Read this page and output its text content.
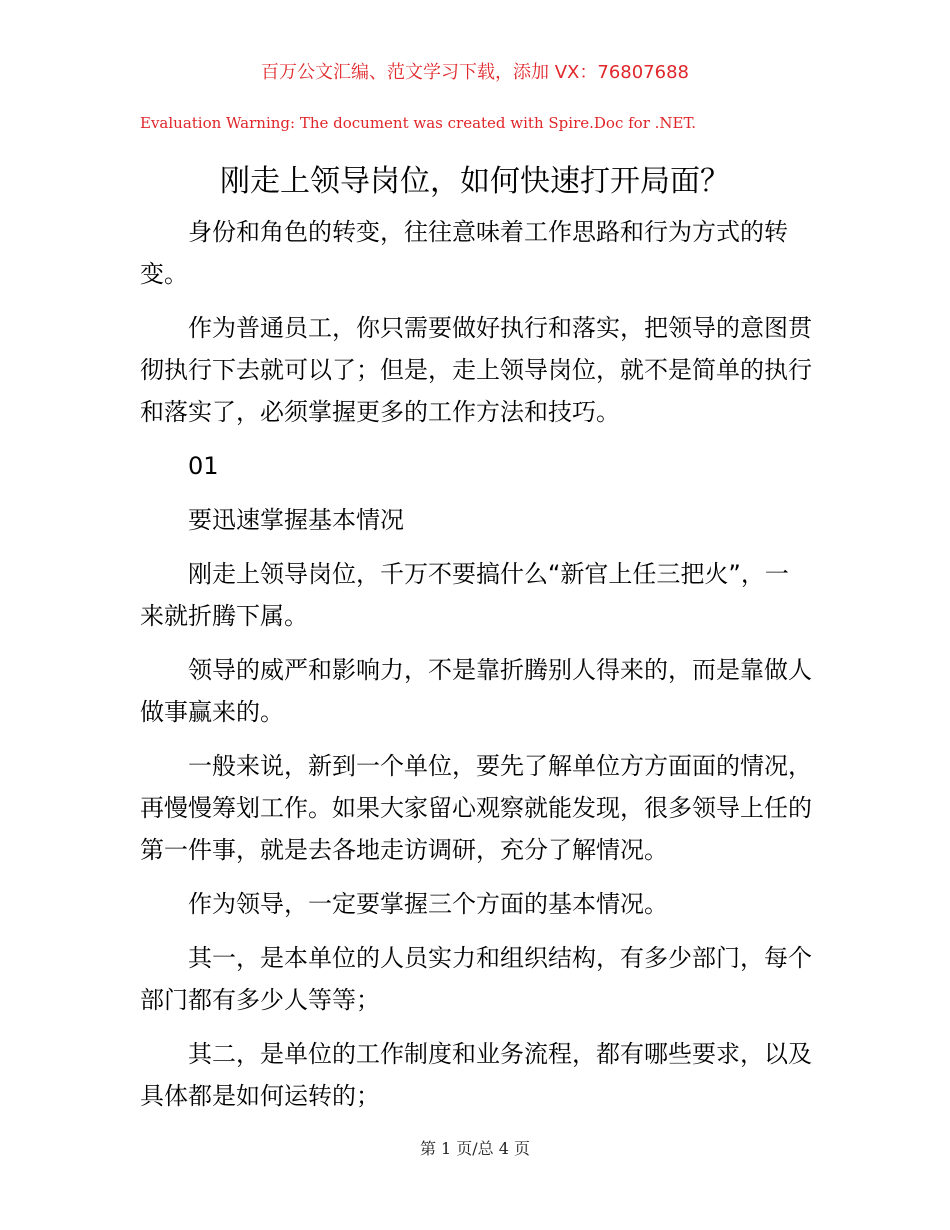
百万公文汇编、范文学习下载，添加 VX：76807688
Evaluation Warning: The document was created with Spire.Doc for .NET.
刚走上领导岗位，如何快速打开局面？

身份和角色的转变，往往意味着工作思路和行为方式的转变。

作为普通员工，你只需要做好执行和落实，把领导的意图贯彻执行下去就可以了；但是，走上领导岗位，就不是简单的执行和落实了，必须掌握更多的工作方法和技巧。

01

要迅速掌握基本情况

刚走上领导岗位，千万不要搞什么“新官上任三把火”，一来就折腾下属。

领导的威严和影响力，不是靠折腾别人得来的，而是靠做人做事赢来的。

一般来说，新到一个单位，要先了解单位方方面面的情况，再慢慢筹划工作。如果大家留心观察就能发现，很多领导上任的第一件事，就是去各地走访调研，充分了解情况。

作为领导，一定要掌握三个方面的基本情况。

其一，是本单位的人员实力和组织结构，有多少部门，每个部门都有多少人等等；

其二，是单位的工作制度和业务流程，都有哪些要求，以及具体都是如何运转的；

第 1 页/总 4 页
